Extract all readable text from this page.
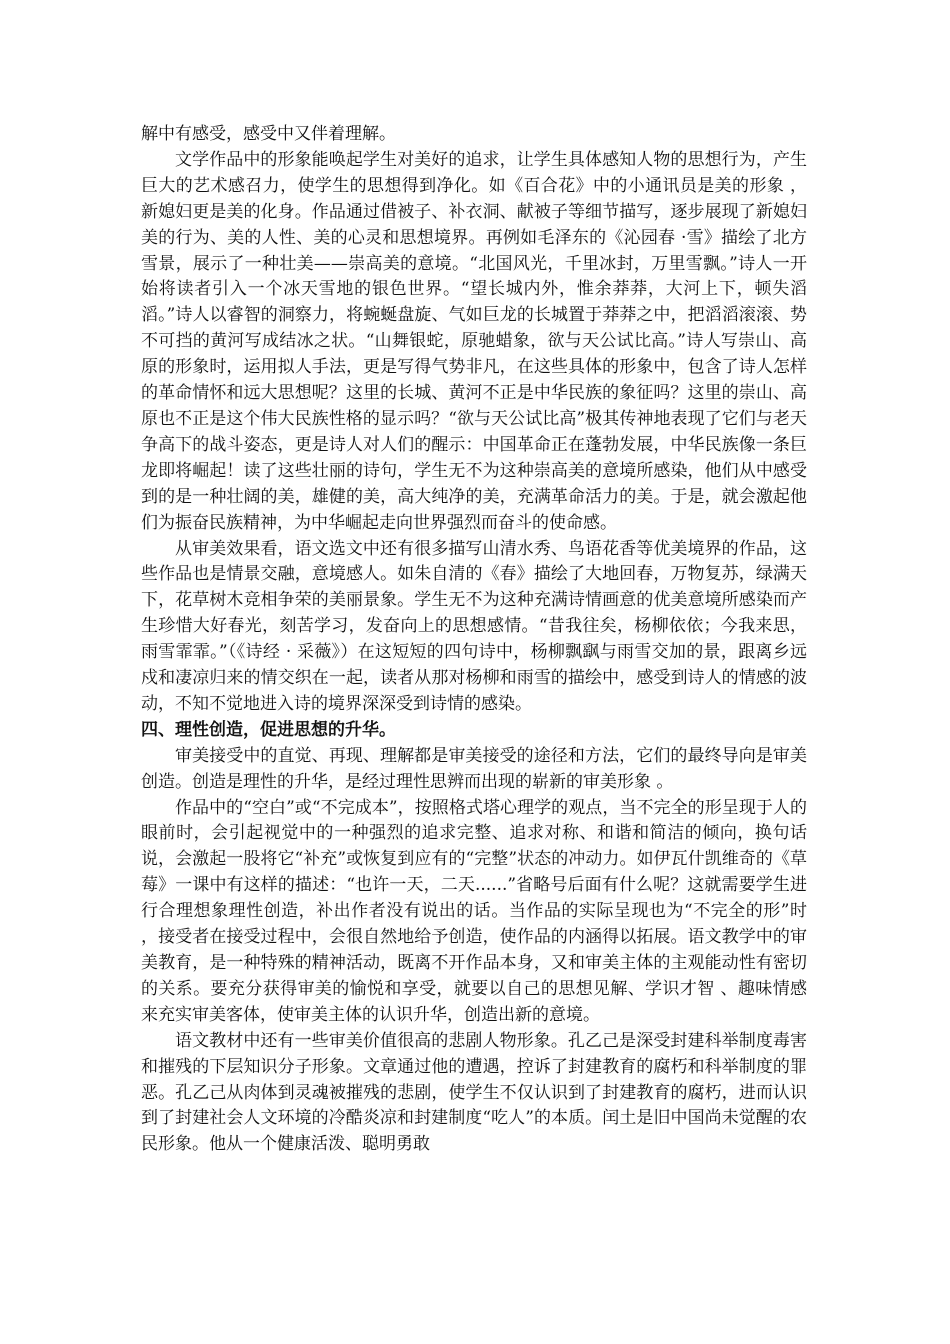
解中有感受，感受中又伴着理解。

文学作品中的形象能唤起学生对美好的追求，让学生具体感知人物的思想行为，产生巨大的艺术感召力，使学生的思想得到净化。如《百合花》中的小通讯员是美的形象 ，新媳妇更是美的化身。作品通过借被子、补衣洞、献被子等细节描写，逐步展现了新媳妇美的行为、美的人性、美的心灵和思想境界。再例如毛泽东的《沁园春 ·雪》描绘了北方雪景，展示了一种壮美——崇高美的意境。“北国风光，千里冰封，万里雪飘。”诗人一开始将读者引入一个冰天雪地的银色世界。“望长城内外，惟余莽莽，大河上下，顿失滔滔。”诗人以睿智的洞察力，将蜿蜒盘旋、气如巨龙的长城置于莽莽之中，把滔滔滚滚、势不可挡的黄河写成结冰之状。“山舞银蛇，原驰蜡象，欲与天公试比高。”诗人写崇山、高原的形象时，运用拟人手法，更是写得气势非凡，在这些具体的形象中，包含了诗人怎样的革命情怀和远大思想呢？这里的长城、黄河不正是中华民族的象征吗？这里的崇山、高原也不正是这个伟大民族性格的显示吗？“欲与天公试比高”极其传神地表现了它们与老天争高下的战斗姿态，更是诗人对人们的醒示：中国革命正在蓬勃发展，中华民族像一条巨龙即将崛起！读了这些壮丽的诗句，学生无不为这种崇高美的意境所感染，他们从中感受到的是一种壮阔的美，雄健的美，高大纯净的美，充满革命活力的美。于是，就会激起他们为振奋民族精神，为中华崛起走向世界强烈而奋斗的使命感。

从审美效果看，语文选文中还有很多描写山清水秀、鸟语花香等优美境界的作品，这些作品也是情景交融，意境感人。如朱自清的《春》描绘了大地回春，万物复苏，绿满天下，花草树木竞相争荣的美丽景象。学生无不为这种充满诗情画意的优美意境所感染而产生珍惜大好春光，刻苦学习，发奋向上的思想感情。“昔我往矣，杨柳依依；今我来思，雨雪霏霏。”（《诗经 · 采薇》）在这短短的四句诗中，杨柳飘飖与雨雪交加的景，跟离乡远戍和凄凉归来的情交织在一起，读者从那对杨柳和雨雪的描绘中，感受到诗人的情感的波动，不知不觉地进入诗的境界深深受到诗情的感染。

四、理性创造，促进思想的升华。

审美接受中的直觉、再现、理解都是审美接受的途径和方法，它们的最终导向是审美创造。创造是理性的升华，是经过理性思辨而出现的崭新的审美形象 。

作品中的“空白”或“不完成本”，按照格式塔心理学的观点，当不完全的形呈现于人的眼前时，会引起视觉中的一种强烈的追求完整、追求对称、和谐和简洁的倾向，换句话说，会激起一股将它“补充”或恢复到应有的“完整”状态的冲动力。如伊瓦什凯维奇的《草莓》一课中有这样的描述：“也许一天，二天......”省略号后面有什么呢？这就需要学生进行合理想象理性创造，补出作者没有说出的话。当作品的实际呈现也为“不完全的形”时 ，接受者在接受过程中，会很自然地给予创造，使作品的内涵得以拓展。语文教学中的审美教育，是一种特殊的精神活动，既离不开作品本身，又和审美主体的主观能动性有密切的关系。要充分获得审美的愉悦和享受，就要以自己的思想见解、学识才智 、趣味情感来充实审美客体，使审美主体的认识升华，创造出新的意境。

语文教材中还有一些审美价值很高的悲剧人物形象。孔乙己是深受封建科举制度毒害和摧残的下层知识分子形象。文章通过他的遭遇，控诉了封建教育的腐朽和科举制度的罪恶。孔乙己从肉体到灵魂被摧残的悲剧，使学生不仅认识到了封建教育的腐朽，进而认识到了封建社会人文环境的冷酷炎凉和封建制度“吃人”的本质。闰土是旧中国尚未觉醒的农民形象。他从一个健康活泼、聪明勇敢
